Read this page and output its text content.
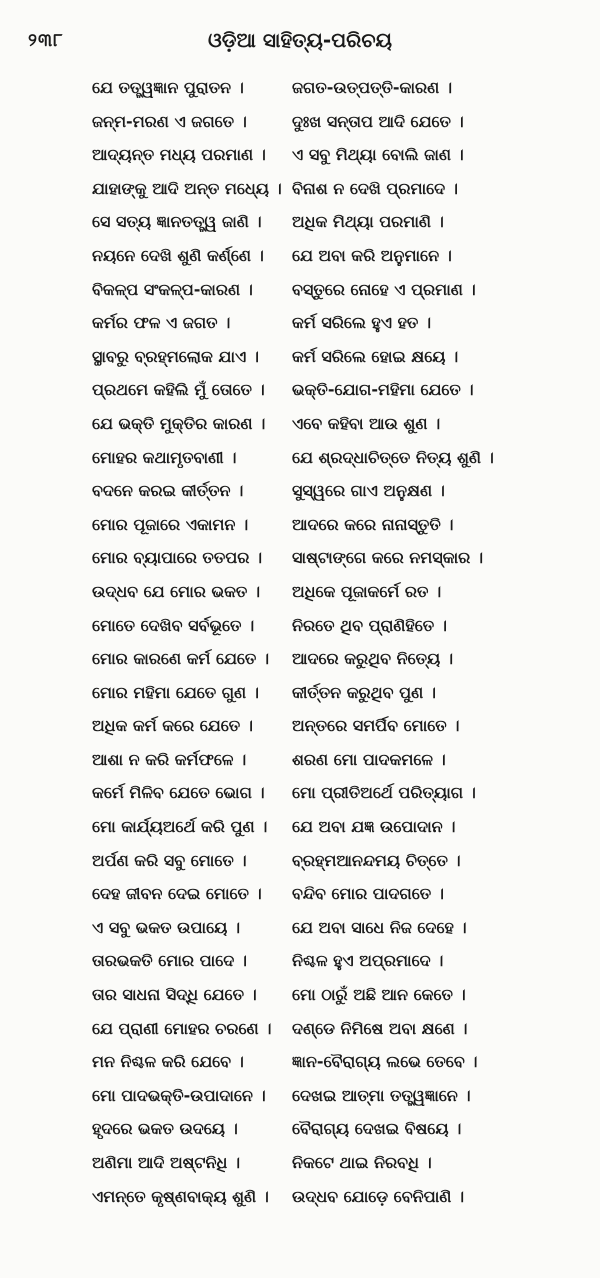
୨୩୮	ଓଡ଼ିଆ ସାହିତ୍ୟ-ପରିଚୟ
ଯେ ତତ୍ତ୍ୱଜ୍ଞାନ ପୁରାତନ ।	ଜଗତ-ଉତ୍ପତ୍ତି-କାରଣ ।
ଜନ୍ମ-ମରଣ ଏ ଜଗତେ ।	ଦୁଃଖ ସନ୍ତାପ ଆଦି ଯେତେ ।
ଆଦ୍ୟନ୍ତ ମଧ୍ୟ ପରମାଣ ।	ଏ ସବୁ ମିଥ୍ୟା ବୋଲି ଜାଣ ।
ଯାହାଙ୍କୁ ଆଦି ଅନ୍ତ ମଧ୍ୟେ । ବିନାଶ ନ ଦେଖି ପ୍ରମାଦେ ।
ସେ ସତ୍ୟ ଜ୍ଞାନତତ୍ତ୍ୱ ଜାଣି ।	ଅଧିକ ମିଥ୍ୟା ପରମାଣି ।
ନୟନେ ଦେଖି ଶୁଣି କର୍ଣ୍ଣେ ।	ଯେ ଅବା କରି ଅନୁମାନେ ।
ବିକଳ୍ପ ସଂକଳ୍ପ-କାରଣ ।	ବସ୍ତୁରେ ନୋହେ ଏ ପ୍ରମାଣ ।
କର୍ମର ଫଳ ଏ ଜଗତ ।	କର୍ମ ସରିଲେ ହୁଏ ହତ ।
ସ୍ଥାବରୁ ବ୍ରହ୍ମଲୋକ ଯାଏ ।	କର୍ମ ସରିଲେ ହୋଇ କ୍ଷୟେ ।
ପ୍ରଥମେ କହିଲି ମୁଁ ତୋତେ ।	ଭକ୍ତି-ଯୋଗ-ମହିମା ଯେତେ ।
ଯେ ଭକ୍ତି ମୁକ୍ତିର କାରଣ ।	ଏବେ କହିବା ଆଉ ଶୁଣ ।
ମୋହର କଥାମୃତବାଣୀ ।	ଯେ ଶ୍ରଦ୍ଧାଚିତ୍ତେ ନିତ୍ୟ ଶୁଣି ।
ବଦନେ କରଇ କୀର୍ତ୍ତନ ।	ସୁସ୍ୱରେ ଗାଏ ଅନୁକ୍ଷଣ ।
ମୋର ପୂଜାରେ ଏକାମନ ।	ଆଦରେ କରେ ନାନାସ୍ତୁତି ।
ମୋର ବ୍ୟାପାରେ ତତପର ।	ସାଷ୍ଟାଙ୍ଗେ କରେ ନମସ୍କାର ।
ଉଦ୍ଧବ ଯେ ମୋର ଭକତ ।	ଅଧିକେ ପୂଜାକର୍ମେ ରତ ।
ମୋତେ ଦେଖିବ ସର୍ବଭୂତେ ।	ନିରତେ ଥିବ ପ୍ରାଣିହିତେ ।
ମୋର କାରଣେ କର୍ମ ଯେତେ ।	ଆଦରେ କରୁଥିବ ନିତ୍ୟେ ।
ମୋର ମହିମା ଯେତେ ଗୁଣ ।	କୀର୍ତ୍ତନ କରୁଥିବ ପୁଣ ।
ଅଧିକ କର୍ମ କରେ ଯେତେ ।	ଅନ୍ତରେ ସମର୍ପିବ ମୋତେ ।
ଆଶା ନ କରି କର୍ମଫଳେ ।	ଶରଣ ମୋ ପାଦକମଳେ ।
କର୍ମେ ମିଳିବ ଯେତେ ଭୋଗ ।	ମୋ ପ୍ରୀତିଅର୍ଥେ ପରିତ୍ୟାଗ ।
ମୋ କାର୍ଯ୍ୟଅର୍ଥେ କରି ପୁଣ ।	ଯେ ଅବା ଯଜ୍ଞ ଉପୋଦାନ ।
ଅର୍ପଣ କରି ସବୁ ମୋତେ ।	ବ୍ରହ୍ମଆନନ୍ଦମୟ ଚିତ୍ତେ ।
ଦେହ ଜୀବନ ଦେଇ ମୋତେ ।	ବନ୍ଦିବ ମୋର ପାଦଗତେ ।
ଏ ସବୁ ଭକତ ଉପାୟେ ।	ଯେ ଅବା ସାଧେ ନିଜ ଦେହେ ।
ତାରଭକତି ମୋର ପାଦେ ।	ନିଶ୍ଚଳ ହୁଏ ଅପ୍ରମାଦେ ।
ତାର ସାଧନା ସିଦ୍ଧି ଯେତେ ।	ମୋ ଠାରୁଁ ଅଛି ଆନ କେତେ ।
ଯେ ପ୍ରାଣୀ ମୋହର ଚରଣେ ।	ଦଣ୍ଡେ ନିମିଷେ ଅବା କ୍ଷଣେ ।
ମନ ନିଶ୍ଚଳ କରି ଯେବେ ।	ଜ୍ଞାନ-ବୈରାଗ୍ୟ ଲଭେ ତେବେ ।
ମୋ ପାଦଭକ୍ତି-ଉପାଦାନେ ।	ଦେଖଇ ଆତ୍ମା ତତ୍ତ୍ୱଜ୍ଞାନେ ।
ହୃଦରେ ଭକତ ଉଦୟେ ।	ବୈରାଗ୍ୟ ଦେଖଇ ବିଷୟେ ।
ଅଣିମା ଆଦି ଅଷ୍ଟନିଧି ।	ନିକଟେ ଥାଇ ନିରବଧି ।
ଏମନ୍ତେ କୃଷ୍ଣବାକ୍ୟ ଶୁଣି ।	ଉଦ୍ଧବ ଯୋଡ଼େ ବେନିପାଣି ।
